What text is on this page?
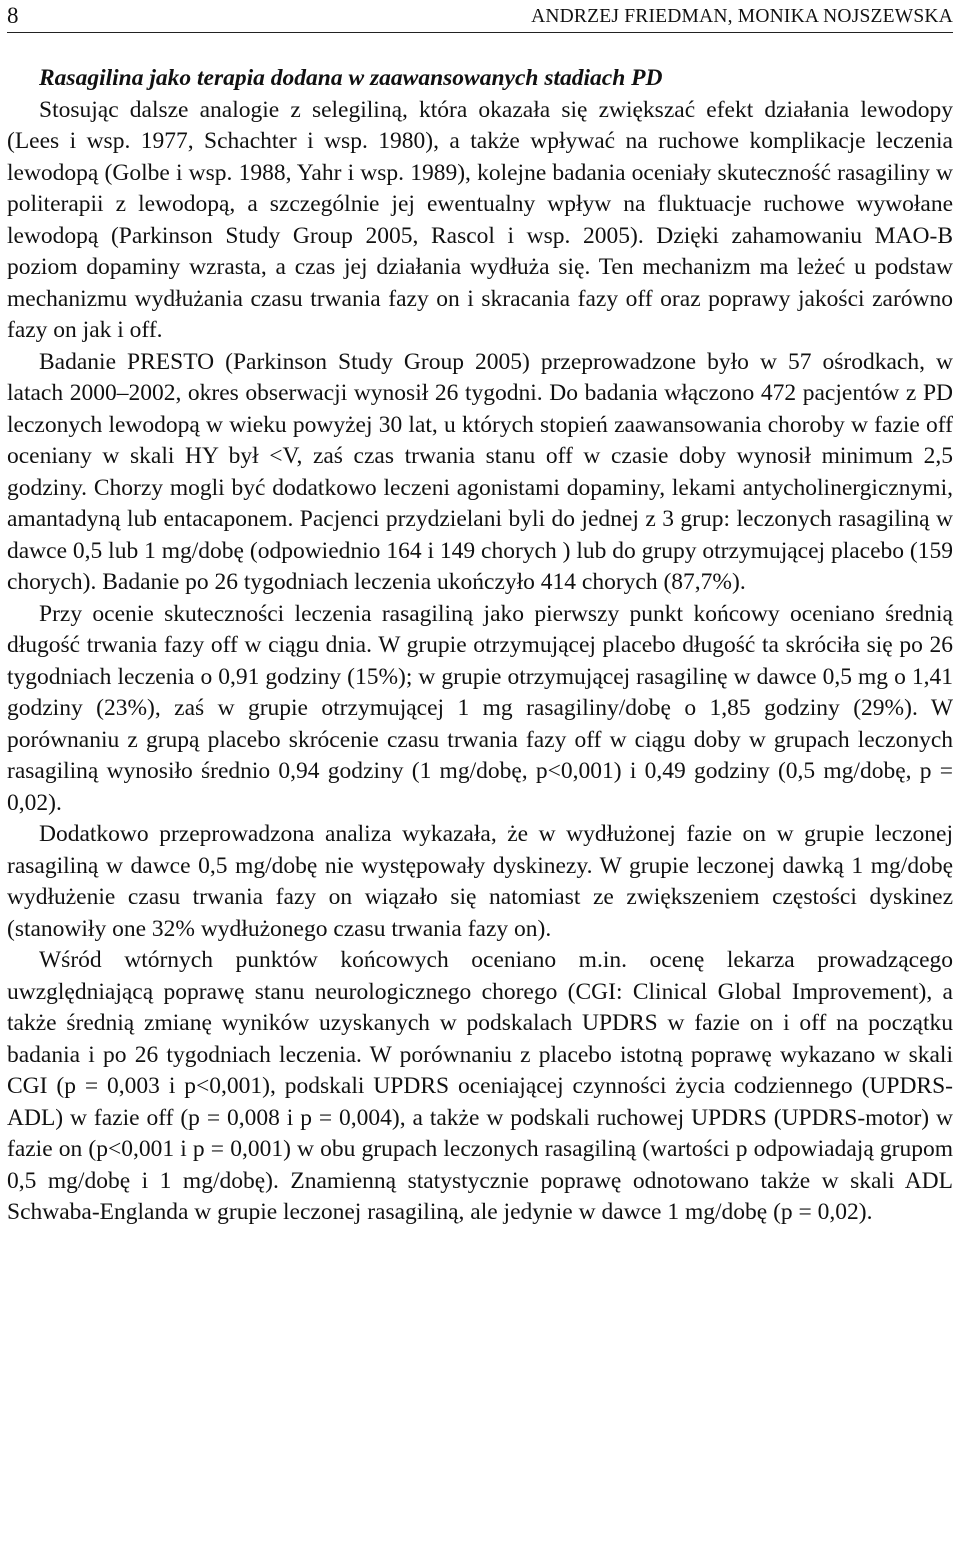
8	ANDRZEJ FRIEDMAN, MONIKA NOJSZEWSKA
Rasagilina jako terapia dodana w zaawansowanych stadiach PD

Stosując dalsze analogie z selegiliną, która okazała się zwiększać efekt działania lewodopy (Lees i wsp. 1977, Schachter i wsp. 1980), a także wpływać na ruchowe komplikacje leczenia lewodopą (Golbe i wsp. 1988, Yahr i wsp. 1989), kolejne badania oceniały skuteczność rasagiliny w politerapii z lewodopą, a szczególnie jej ewentualny wpływ na fluktuacje ruchowe wywołane lewodopą (Parkinson Study Group 2005, Rascol i wsp. 2005). Dzięki zahamowaniu MAO-B poziom dopaminy wzrasta, a czas jej działania wydłuża się. Ten mechanizm ma leżeć u podstaw mechanizmu wydłużania czasu trwania fazy on i skracania fazy off oraz poprawy jakości zarówno fazy on jak i off.

Badanie PRESTO (Parkinson Study Group 2005) przeprowadzone było w 57 ośrodkach, w latach 2000–2002, okres obserwacji wynosił 26 tygodni. Do badania włączono 472 pacjentów z PD leczonych lewodopą w wieku powyżej 30 lat, u których stopień zaawansowania choroby w fazie off oceniany w skali HY był <V, zaś czas trwania stanu off w czasie doby wynosił minimum 2,5 godziny. Chorzy mogli być dodatkowo leczeni agonistami dopaminy, lekami antycholinergicznymi, amantadyną lub entacaponem. Pacjenci przydzielani byli do jednej z 3 grup: leczonych rasagiliną w dawce 0,5 lub 1 mg/dobę (odpowiednio 164 i 149 chorych ) lub do grupy otrzymującej placebo (159 chorych). Badanie po 26 tygodniach leczenia ukończyło 414 chorych (87,7%).

Przy ocenie skuteczności leczenia rasagiliną jako pierwszy punkt końcowy oceniano średnią długość trwania fazy off w ciągu dnia. W grupie otrzymującej placebo długość ta skróciła się po 26 tygodniach leczenia o 0,91 godziny (15%); w grupie otrzymującej rasagilinę w dawce 0,5 mg o 1,41 godziny (23%), zaś w grupie otrzymującej 1 mg rasagiliny/dobę o 1,85 godziny (29%). W porównaniu z grupą placebo skrócenie czasu trwania fazy off w ciągu doby w grupach leczonych rasagiliną wynosiło średnio 0,94 godziny (1 mg/dobę, p<0,001) i 0,49 godziny (0,5 mg/dobę, p = 0,02).

Dodatkowo przeprowadzona analiza wykazała, że w wydłużonej fazie on w grupie leczonej rasagiliną w dawce 0,5 mg/dobę nie występowały dyskinezy. W grupie leczonej dawką 1 mg/dobę wydłużenie czasu trwania fazy on wiązało się natomiast ze zwiększeniem częstości dyskinez (stanowiły one 32% wydłużonego czasu trwania fazy on).

Wśród wtórnych punktów końcowych oceniano m.in. ocenę lekarza prowadzącego uwzględniającą poprawę stanu neurologicznego chorego (CGI: Clinical Global Improvement), a także średnią zmianę wyników uzyskanych w podskalach UPDRS w fazie on i off na początku badania i po 26 tygodniach leczenia. W porównaniu z placebo istotną poprawę wykazano w skali CGI (p = 0,003 i p<0,001), podskali UPDRS oceniającej czynności życia codziennego (UPDRS-ADL) w fazie off (p = 0,008 i p = 0,004), a także w podskali ruchowej UPDRS (UPDRS-motor) w fazie on (p<0,001 i p = 0,001) w obu grupach leczonych rasagiliną (wartości p odpowiadają grupom 0,5 mg/dobę i 1 mg/dobę). Znamienną statystycznie poprawę odnotowano także w skali ADL Schwaba-Englanda w grupie leczonej rasagiliną, ale jedynie w dawce 1 mg/dobę (p = 0,02).
